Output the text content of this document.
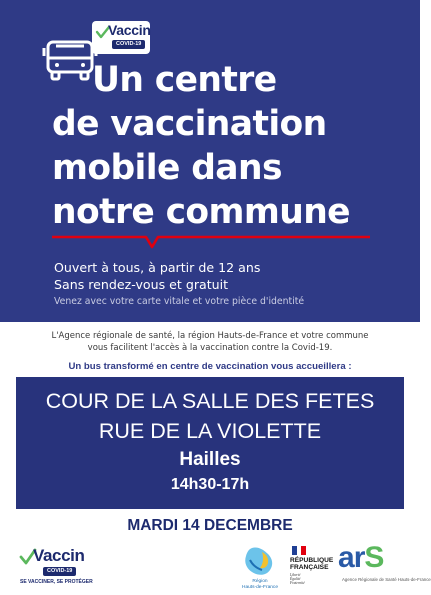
Vaccin
COVID-19
Un centre
de vaccination
mobile dans
notre commune
Ouvert à tous, à partir de 12 ans
Sans rendez-vous et gratuit
Venez avec votre carte vitale et votre pièce d'identité
L'Agence régionale de santé, la région Hauts-de-France et votre commune
vous facilitent l'accès à la vaccination contre la Covid-19.
Un bus transformé en centre de vaccination vous accueillera :
COUR DE LA SALLE DES FETES
RUE DE LA VIOLETTE
Hailles
14h30-17h
MARDI 14 DECEMBRE
Vaccin
COVID-19
SE VACCINER, SE PROTÉGER	Région
Hauts-de-France
RÉPUBLIQUE
FRANÇAISE
Liberté
Égalité
Fraternité
arS
Agence Régionale de Santé Hauts-de-France
